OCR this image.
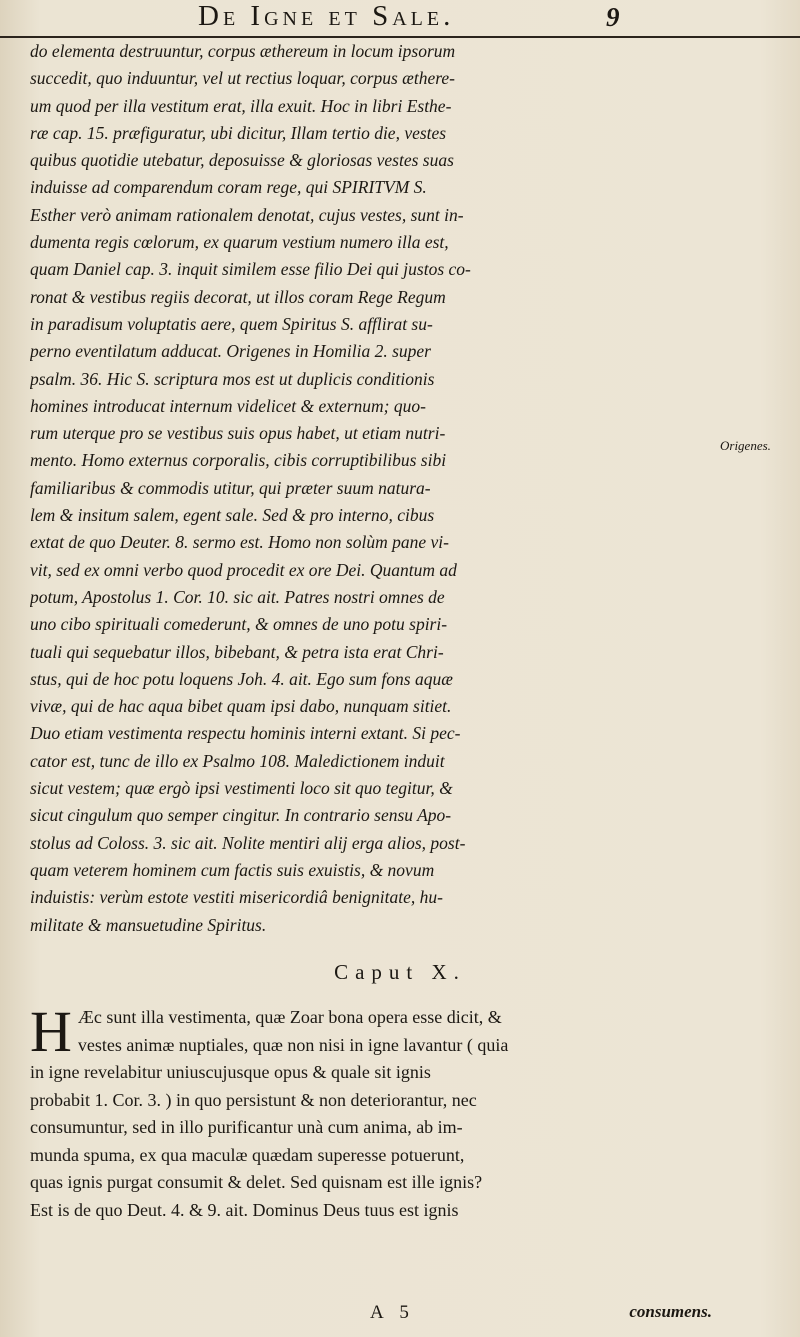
De Igne et Sale.	9
do elementa destruuntur, corpus æthereum in locum ipsorum
succedit, quo induuntur, vel ut rectius loquar, corpus æthere-
um quod per illa vestitum erat, illa exuit. Hoc in libri Esthe-
ræ cap. 15. præfiguratur, ubi dicitur, Illam tertio die, vestes
quibus quotidie utebatur, deposuisse & gloriosas vestes suas
induisse ad comparendum coram rege, qui SPIRITVM S.
Esther verò animam rationalem denotat, cujus vestes, sunt in-
dumenta regis cœlorum, ex quarum vestium numero illa est,
quam Daniel cap. 3. inquit similem esse filio Dei qui justos co-
ronat & vestibus regiis decorat, ut illos coram Rege Regum
in paradisum voluptatis aere, quem Spiritus S. afflirat su-
perno eventilatum adducat. Origenes in Homilia 2. super
psalm. 36. Hic S. scriptura mos est ut duplicis conditionis
homines introducat internum videlicet & externum; quo-
rum uterque pro se vestibus suis opus habet, ut etiam nutri-
mento. Homo externus corporalis, cibis corruptibilibus sibi
familiaribus & commodis utitur, qui præter suum natura-
lem & insitum salem, egent sale. Sed & pro interno, cibus
extat de quo Deuter. 8. sermo est. Homo non solùm pane vi-
vit, sed ex omni verbo quod procedit ex ore Dei. Quantum ad
potum, Apostolus 1. Cor. 10. sic ait. Patres nostri omnes de
uno cibo spirituali comederunt, & omnes de uno potu spiri-
tuali qui sequebatur illos, bibebant, & petra ista erat Chri-
stus, qui de hoc potu loquens Joh. 4. ait. Ego sum fons aquæ
vivæ, qui de hac aqua bibet quam ipsi dabo, nunquam sitiet.
Duo etiam vestimenta respectu hominis interni extant. Si pec-
cator est, tunc de illo ex Psalmo 108. Maledictionem induit
sicut vestem; quæ ergò ipsi vestimenti loco sit quo tegitur, &
sicut cingulum quo semper cingitur. In contrario sensu Apo-
stolus ad Coloss. 3. sic ait. Nolite mentiri alij erga alios, post-
quam veterem hominem cum factis suis exuistis, & novum
induistis: verùm estote vestiti misericordiâ benignitate, hu-
militate & mansuetudine Spiritus.
Origenes.
Caput X.
H Æc sunt illa vestimenta, quæ Zoar bona opera esse dicit, &
vestes animæ nuptiales, quæ non nisi in igne lavantur ( quia
in igne revelabitur uniuscujusque opus & quale sit ignis
probabit 1. Cor. 3. ) in quo persistunt & non deteriorantur, nec
consumuntur, sed in illo purificantur unà cum anima, ab im-
munda spuma, ex qua maculæ quædam superesse potuerunt,
quas ignis purgat consumit & delet. Sed quisnam est ille ignis?
Est is de quo Deut. 4. & 9. ait. Dominus Deus tuus est ignis
A 5	consumens.
